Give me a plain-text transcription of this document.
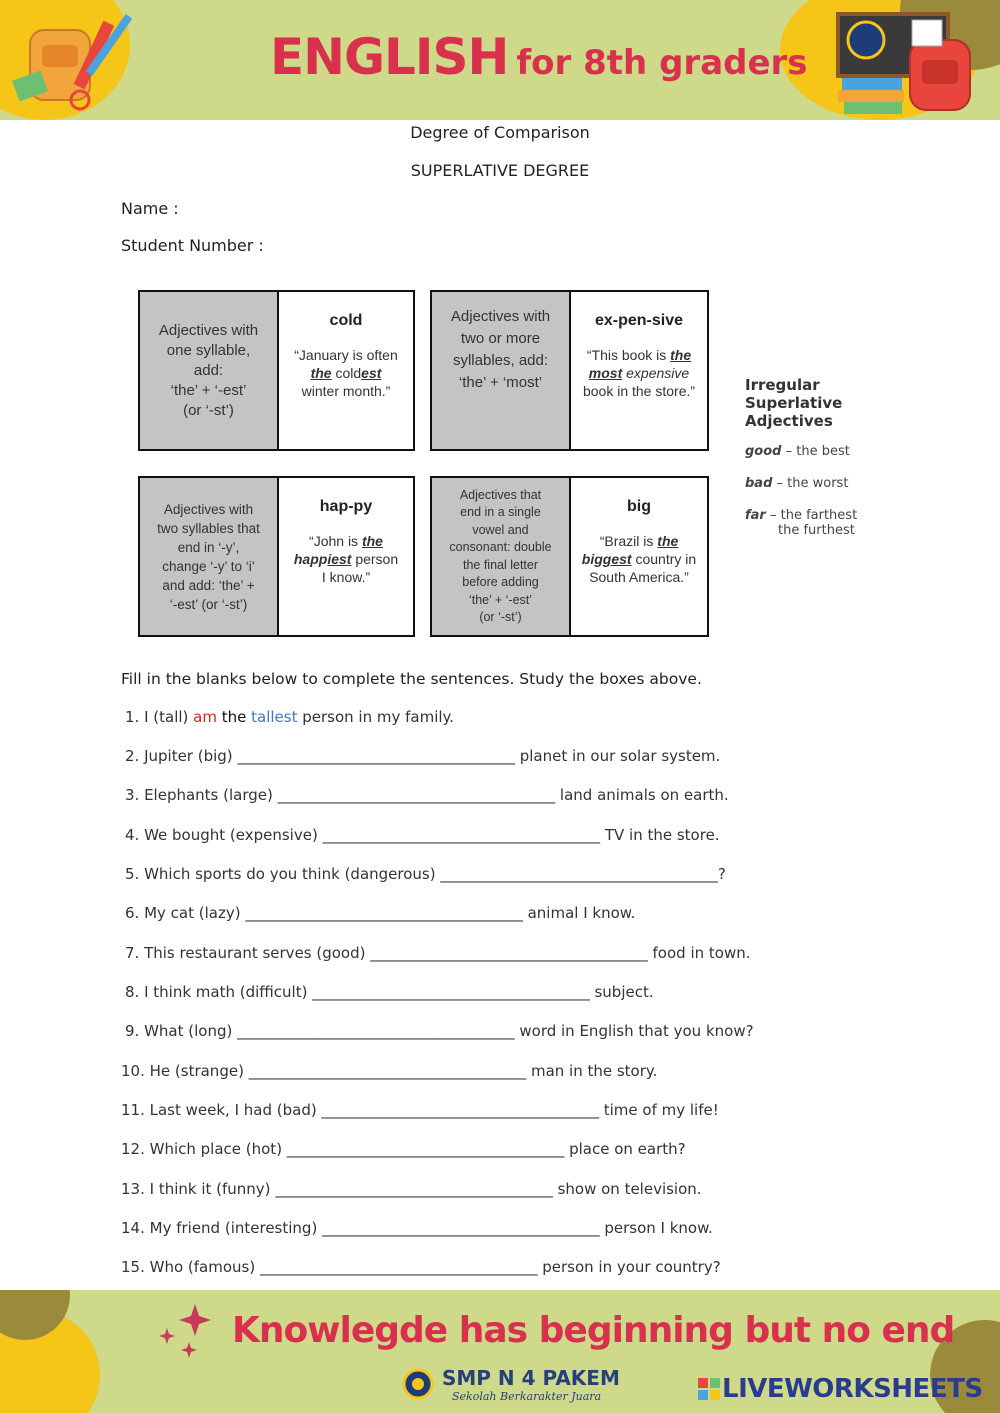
ENGLISH for 8th graders
Degree of Comparison
SUPERLATIVE DEGREE
Name :
Student Number :
Adjectives with
one syllable,
add:
‘the’ + ‘-est’
(or ‘-st’)
cold
“January is often
the coldest
winter month.”
Adjectives with
two or more
syllables, add:
‘the’ + ‘most’
ex-pen-sive
“This book is the
most expensive
book in the store.”
Adjectives with
two syllables that
end in ‘-y’,
change ‘-y’ to ‘i’
and add: ‘the’ +
‘-est’ (or ‘-st’)
hap-py
“John is the
happiest person
I know.”
Adjectives that
end in a single
vowel and
consonant: double
the final letter
before adding
‘the’ + ‘-est’
(or ‘-st’)
big
“Brazil is the
biggest country in
South America.”
Irregular
Superlative
Adjectives
good – the best
bad – the worst
far – the farthest
the furthest
Fill in the blanks below to complete the sentences. Study the boxes above.
1. I (tall) am the tallest person in my family.
2. Jupiter (big) _____________________________________ planet in our solar system.
3. Elephants (large) _____________________________________ land animals on earth.
4. We bought (expensive) _____________________________________ TV in the store.
5. Which sports do you think (dangerous) _____________________________________?
6. My cat (lazy) _____________________________________ animal I know.
7. This restaurant serves (good) _____________________________________ food in town.
8. I think math (difficult) _____________________________________ subject.
9. What (long) _____________________________________ word in English that you know?
10. He (strange) _____________________________________ man in the story.
11. Last week, I had (bad) _____________________________________ time of my life!
12. Which place (hot) _____________________________________ place on earth?
13. I think it (funny) _____________________________________ show on television.
14. My friend (interesting) _____________________________________ person I know.
15. Who (famous) _____________________________________ person in your country?
Knowlegde has beginning but no end
SMP N 4 PAKEM
Sekolah Berkarakter Juara	LIVEWORKSHEETS
